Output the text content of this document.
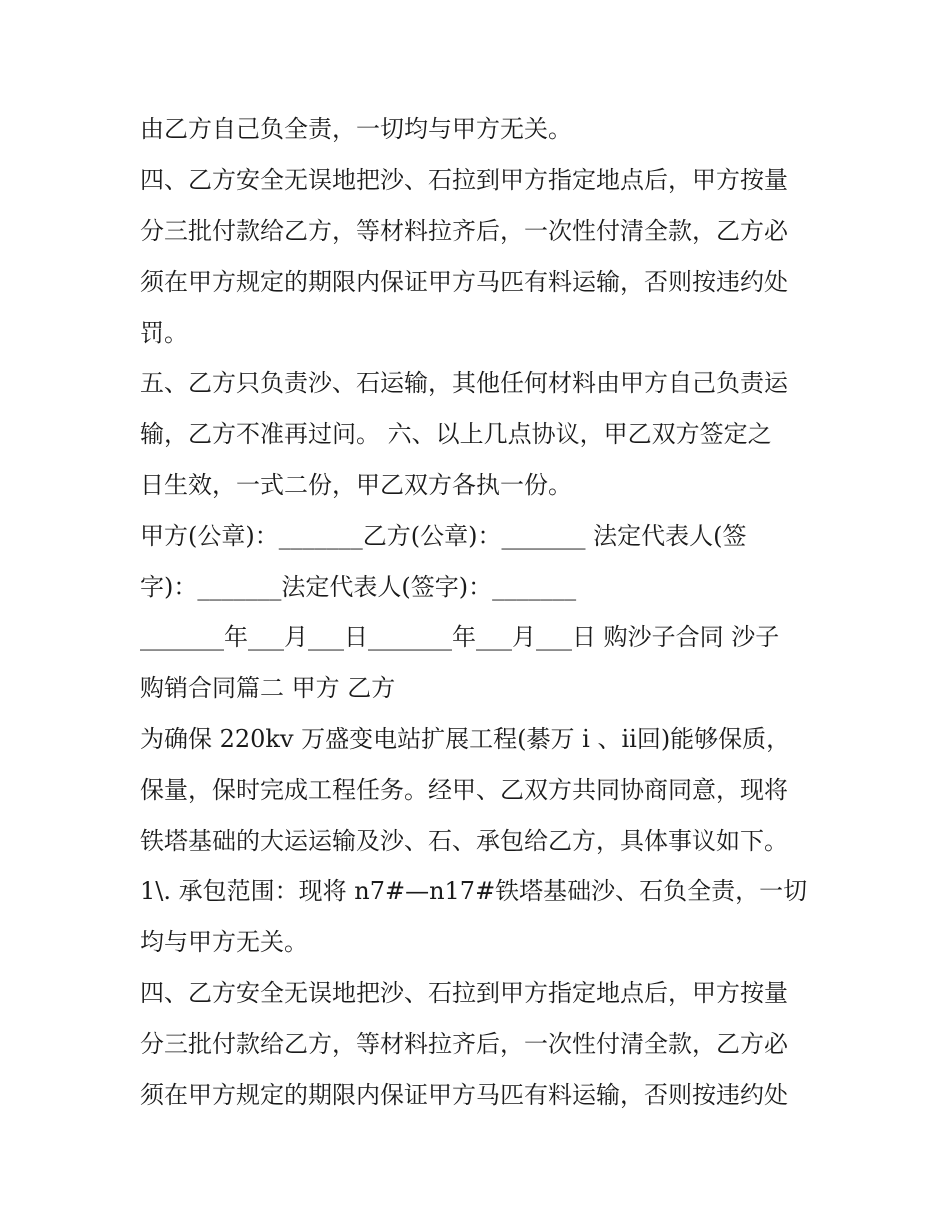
由乙方自己负全责，一切均与甲方无关。
四、乙方安全无误地把沙、石拉到甲方指定地点后，甲方按量
分三批付款给乙方，等材料拉齐后，一次性付清全款，乙方必
须在甲方规定的期限内保证甲方马匹有料运输，否则按违约处
罚。
五、乙方只负责沙、石运输，其他任何材料由甲方自己负责运
输，乙方不准再过问。 六、以上几点协议，甲乙双方签定之
日生效，一式二份，甲乙双方各执一份。
甲方(公章)：_______乙方(公章)：_______ 法定代表人(签
字)：_______法定代表人(签字)：_______
_______年___月___日_______年___月___日 购沙子合同 沙子
购销合同篇二 甲方 乙方
为确保 220kv 万盛变电站扩展工程(綦万 ⅰ 、ⅱ回)能够保质，
保量，保时完成工程任务。经甲、乙双方共同协商同意，现将
铁塔基础的大运运输及沙、石、承包给乙方，具体事议如下。
1\. 承包范围：现将 n7#—n17#铁塔基础沙、石负全责，一切
均与甲方无关。
四、乙方安全无误地把沙、石拉到甲方指定地点后，甲方按量
分三批付款给乙方，等材料拉齐后，一次性付清全款，乙方必
须在甲方规定的期限内保证甲方马匹有料运输，否则按违约处
